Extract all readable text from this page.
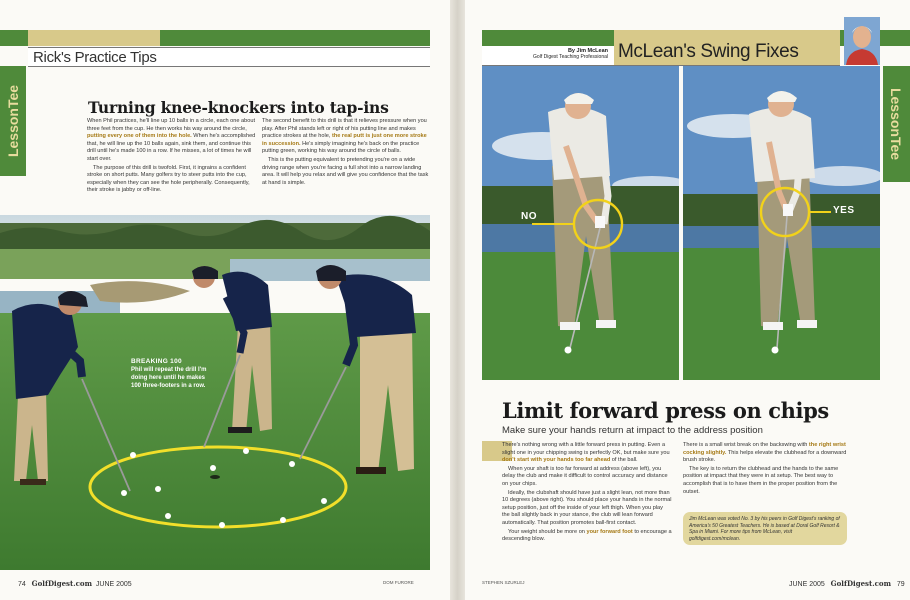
Rick's Practice Tips
LessonTee	Turning knee-knockers into tap-ins

When Phil practices, he'll line up 10 balls in a circle, each one about three feet from the cup. He then works his way around the circle, putting every one of them into the hole. When he's accomplished that, he will line up the 10 balls again, sink them, and continue this drill until he's made 100 in a row. If he misses, a lot of times he will start over.

The purpose of this drill is twofold. First, it ingrains a confident stroke on short putts. Many golfers try to steer putts into the cup, especially when they can see the hole peripherally. Consequently, their stroke is jabby or off-line.

The second benefit to this drill is that it relieves pressure when you play. After Phil stands left or right of his putting line and makes practice strokes at the hole, the real putt is just one more stroke in succession. He's simply imagining he's back on the practice putting green, working his way around the circle of balls.

This is the putting equivalent to pretending you're on a wide driving range when you're facing a full shot into a narrow landing area. It will help you relax and will give you confidence that the task at hand is simple.

BREAKING 100
Phil will repeat the drill I'm doing here until he makes 100 three-footers in a row.
74 GolfDigest.com JUNE 2005	DOM FURORE
By Jim McLean
Golf Digest Teaching Professional McLean's Swing Fixes
LessonTee
NO
YES
Limit forward press on chips
Make sure your hands return at impact to the address position

There's nothing wrong with a little forward press in putting. Even a slight one in your chipping swing is perfectly OK, but make sure you don't start with your hands too far ahead of the ball.

When your shaft is too far forward at address (above left), you delay the club and make it difficult to control accuracy and distance on your chips.

Ideally, the clubshaft should have just a slight lean, not more than 10 degrees (above right). You should place your hands in the normal setup position, just off the inside of your left thigh. When you play the ball slightly back in your stance, the club will lean forward automatically. That position promotes ball-first contact.

Your weight should be more on your forward foot to encourage a descending blow.

There is a small wrist break on the backswing with the right wrist cocking slightly. This helps elevate the clubhead for a downward brush stroke.

The key is to return the clubhead and the hands to the same position at impact that they were in at setup. The best way to accomplish that is to have them in the proper position from the outset.

Jim McLean was voted No. 3 by his peers in Golf Digest's ranking of America's 50 Greatest Teachers. He is based at Doral Golf Resort & Spa in Miami. For more tips from McLean, visit golfdigest.com/mclean.
JUNE 2005 GolfDigest.com 79
STEPHEN SZURLEJ
